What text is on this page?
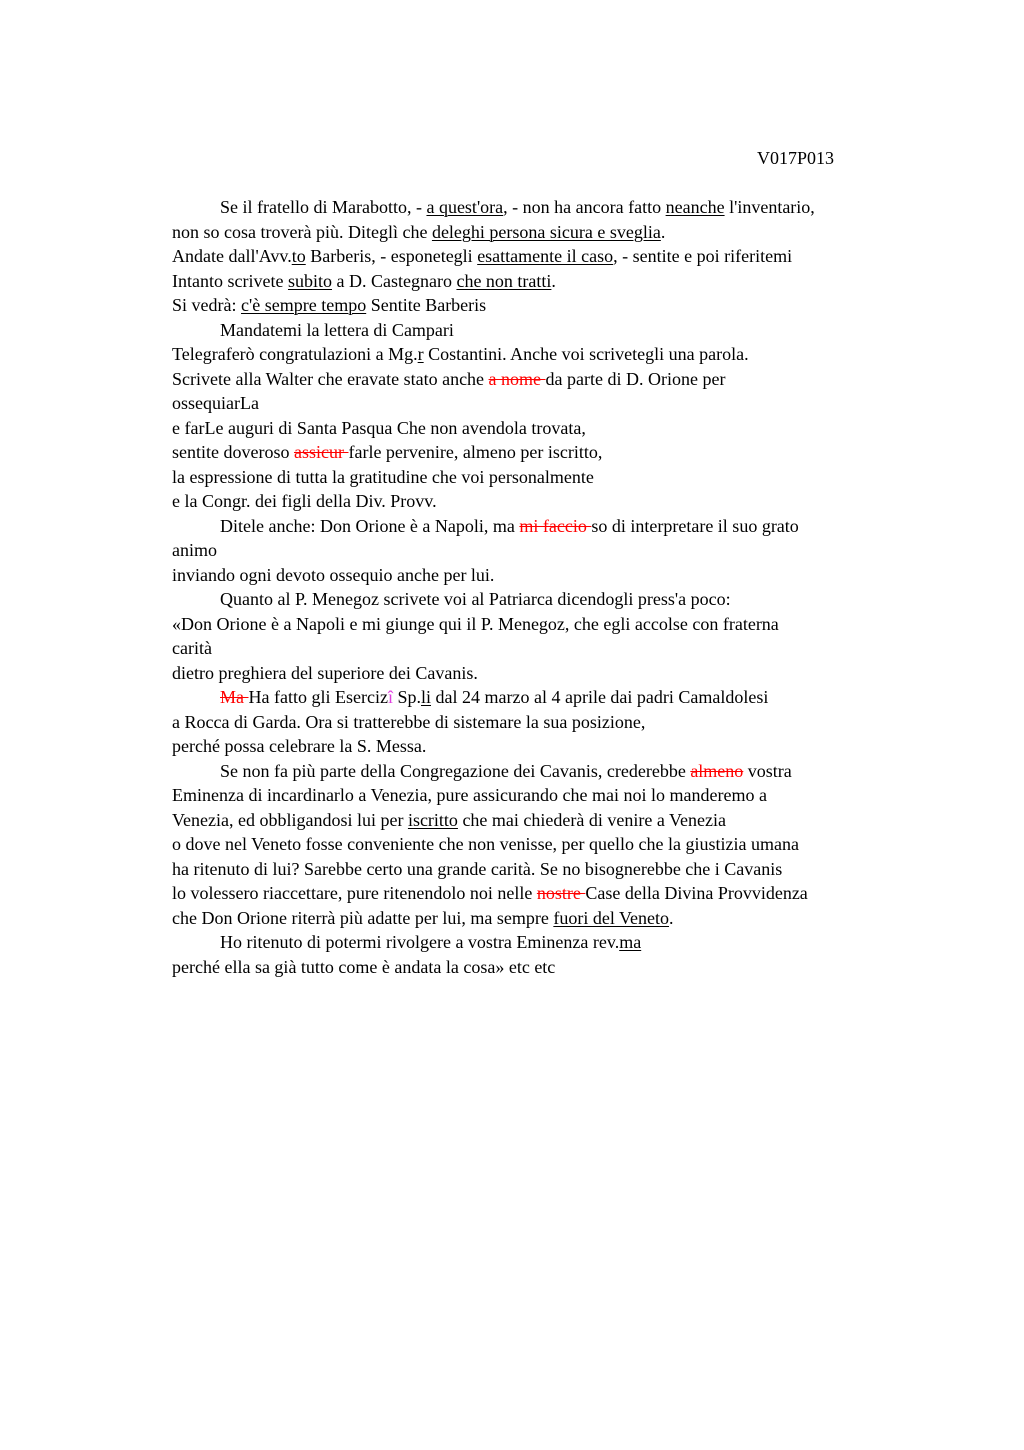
V017P013
Se il fratello di Marabotto, - a quest'ora, - non ha ancora fatto neanche l'inventario,
non so cosa troverà più. Diteglì che deleghi persona sicura e sveglia.
Andate dall'Avv.to Barberis, - esponetegli esattamente il caso, - sentite e poi riferitemi
Intanto scrivete subito a D. Castegnaro che non tratti.
Si vedrà: c'è sempre tempo Sentite Barberis
Mandatemi la lettera di Campari
Telegraferò congratulazioni a Mg.r Costantini. Anche voi scrivetegli una parola.
Scrivete alla Walter che eravate stato anche a nome da parte di D. Orione per
ossequiarLa
e farLe auguri di Santa Pasqua Che non avendola trovata,
sentite doveroso assicur farle pervenire, almeno per iscritto,
la espressione di tutta la gratitudine che voi personalmente
e la Congr. dei figli della Div. Provv.
Ditele anche: Don Orione è a Napoli, ma mi faccio so di interpretare il suo grato
animo
inviando ogni devoto ossequio anche per lui.
Quanto al P. Menegoz scrivete voi al Patriarca dicendogli press'a poco:
«Don Orione è a Napoli e mi giunge qui il P. Menegoz, che egli accolse con fraterna
carità
dietro preghiera del superiore dei Cavanis.
Ma Ha fatto gli Esercizî Sp.li dal 24 marzo al 4 aprile dai padri Camaldolesi
a Rocca di Garda. Ora si tratterebbe di sistemare la sua posizione,
perché possa celebrare la S. Messa.
Se non fa più parte della Congregazione dei Cavanis, crederebbe almeno vostra
Eminenza di incardinarlo a Venezia, pure assicurando che mai noi lo manderemo a
Venezia, ed obbligandosi lui per iscritto che mai chiederà di venire a Venezia
o dove nel Veneto fosse conveniente che non venisse, per quello che la giustizia umana
ha ritenuto di lui? Sarebbe certo una grande carità. Se no bisognerebbe che i Cavanis
lo volessero riaccettare, pure ritenendolo noi nelle nostre Case della Divina Provvidenza
che Don Orione riterrà più adatte per lui, ma sempre fuori del Veneto.
Ho ritenuto di potermi rivolgere a vostra Eminenza rev.ma
perché ella sa già tutto come è andata la cosa» etc etc
